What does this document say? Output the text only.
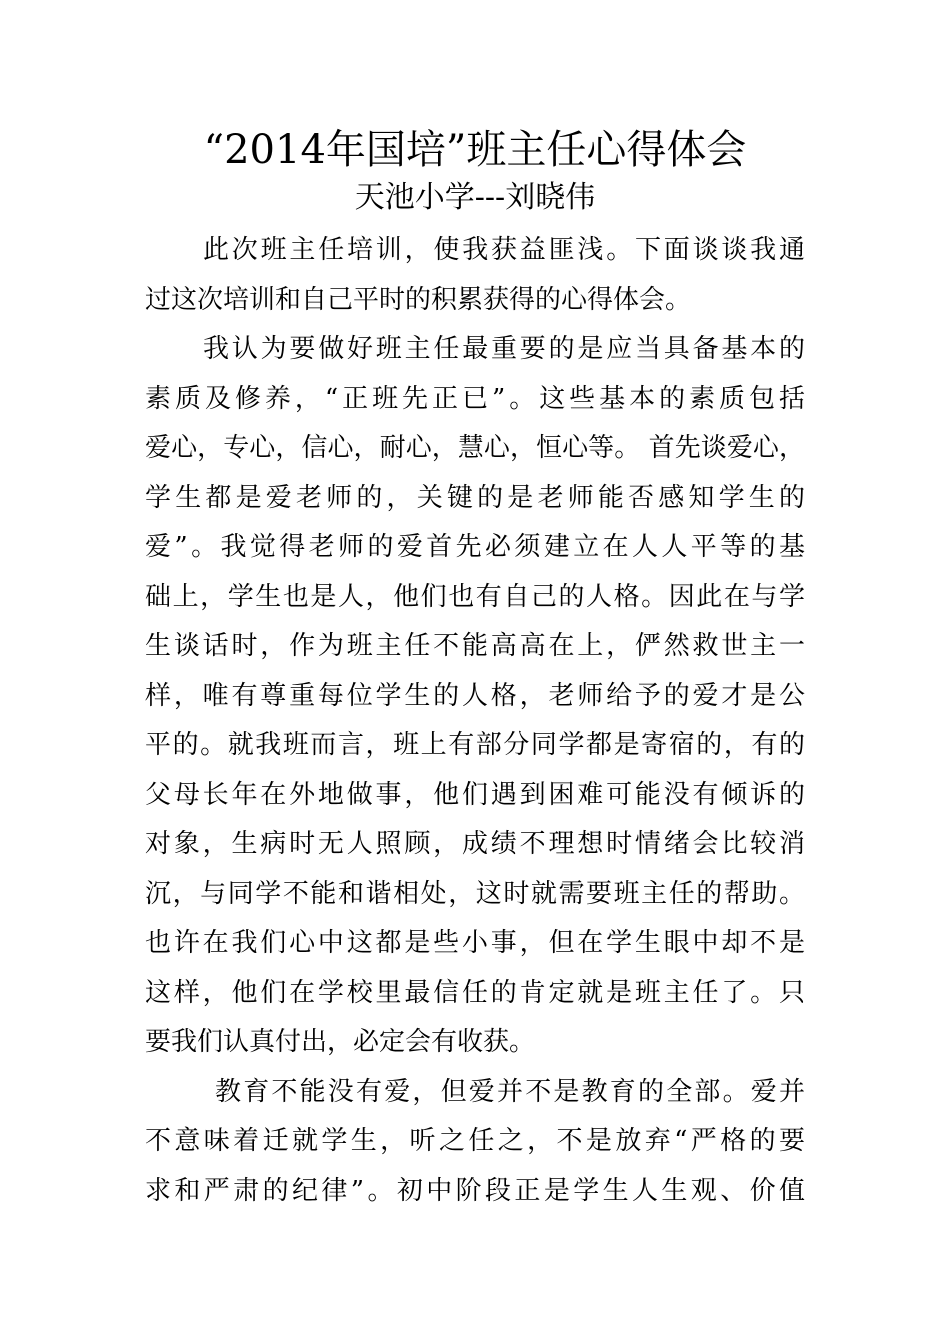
“2014年国培”班主任心得体会
天池小学---刘晓伟
此次班主任培训，使我获益匪浅。下面谈谈我通
过这次培训和自己平时的积累获得的心得体会。
我认为要做好班主任最重要的是应当具备基本的
素质及修养，“正班先正已”。这些基本的素质包括
爱心，专心，信心，耐心，慧心，恒心等。 首先谈爱心，
学生都是爱老师的，关键的是老师能否感知学生的
爱”。我觉得老师的爱首先必须建立在人人平等的基
础上，学生也是人，他们也有自己的人格。因此在与学
生谈话时，作为班主任不能高高在上，俨然救世主一
样，唯有尊重每位学生的人格，老师给予的爱才是公
平的。就我班而言，班上有部分同学都是寄宿的，有的
父母长年在外地做事，他们遇到困难可能没有倾诉的
对象，生病时无人照顾，成绩不理想时情绪会比较消
沉，与同学不能和谐相处，这时就需要班主任的帮助。
也许在我们心中这都是些小事，但在学生眼中却不是
这样，他们在学校里最信任的肯定就是班主任了。只
要我们认真付出，必定会有收获。
教育不能没有爱，但爱并不是教育的全部。爱并
不意味着迁就学生，听之任之，不是放弃“严格的要
求和严肃的纪律”。初中阶段正是学生人生观、价值
